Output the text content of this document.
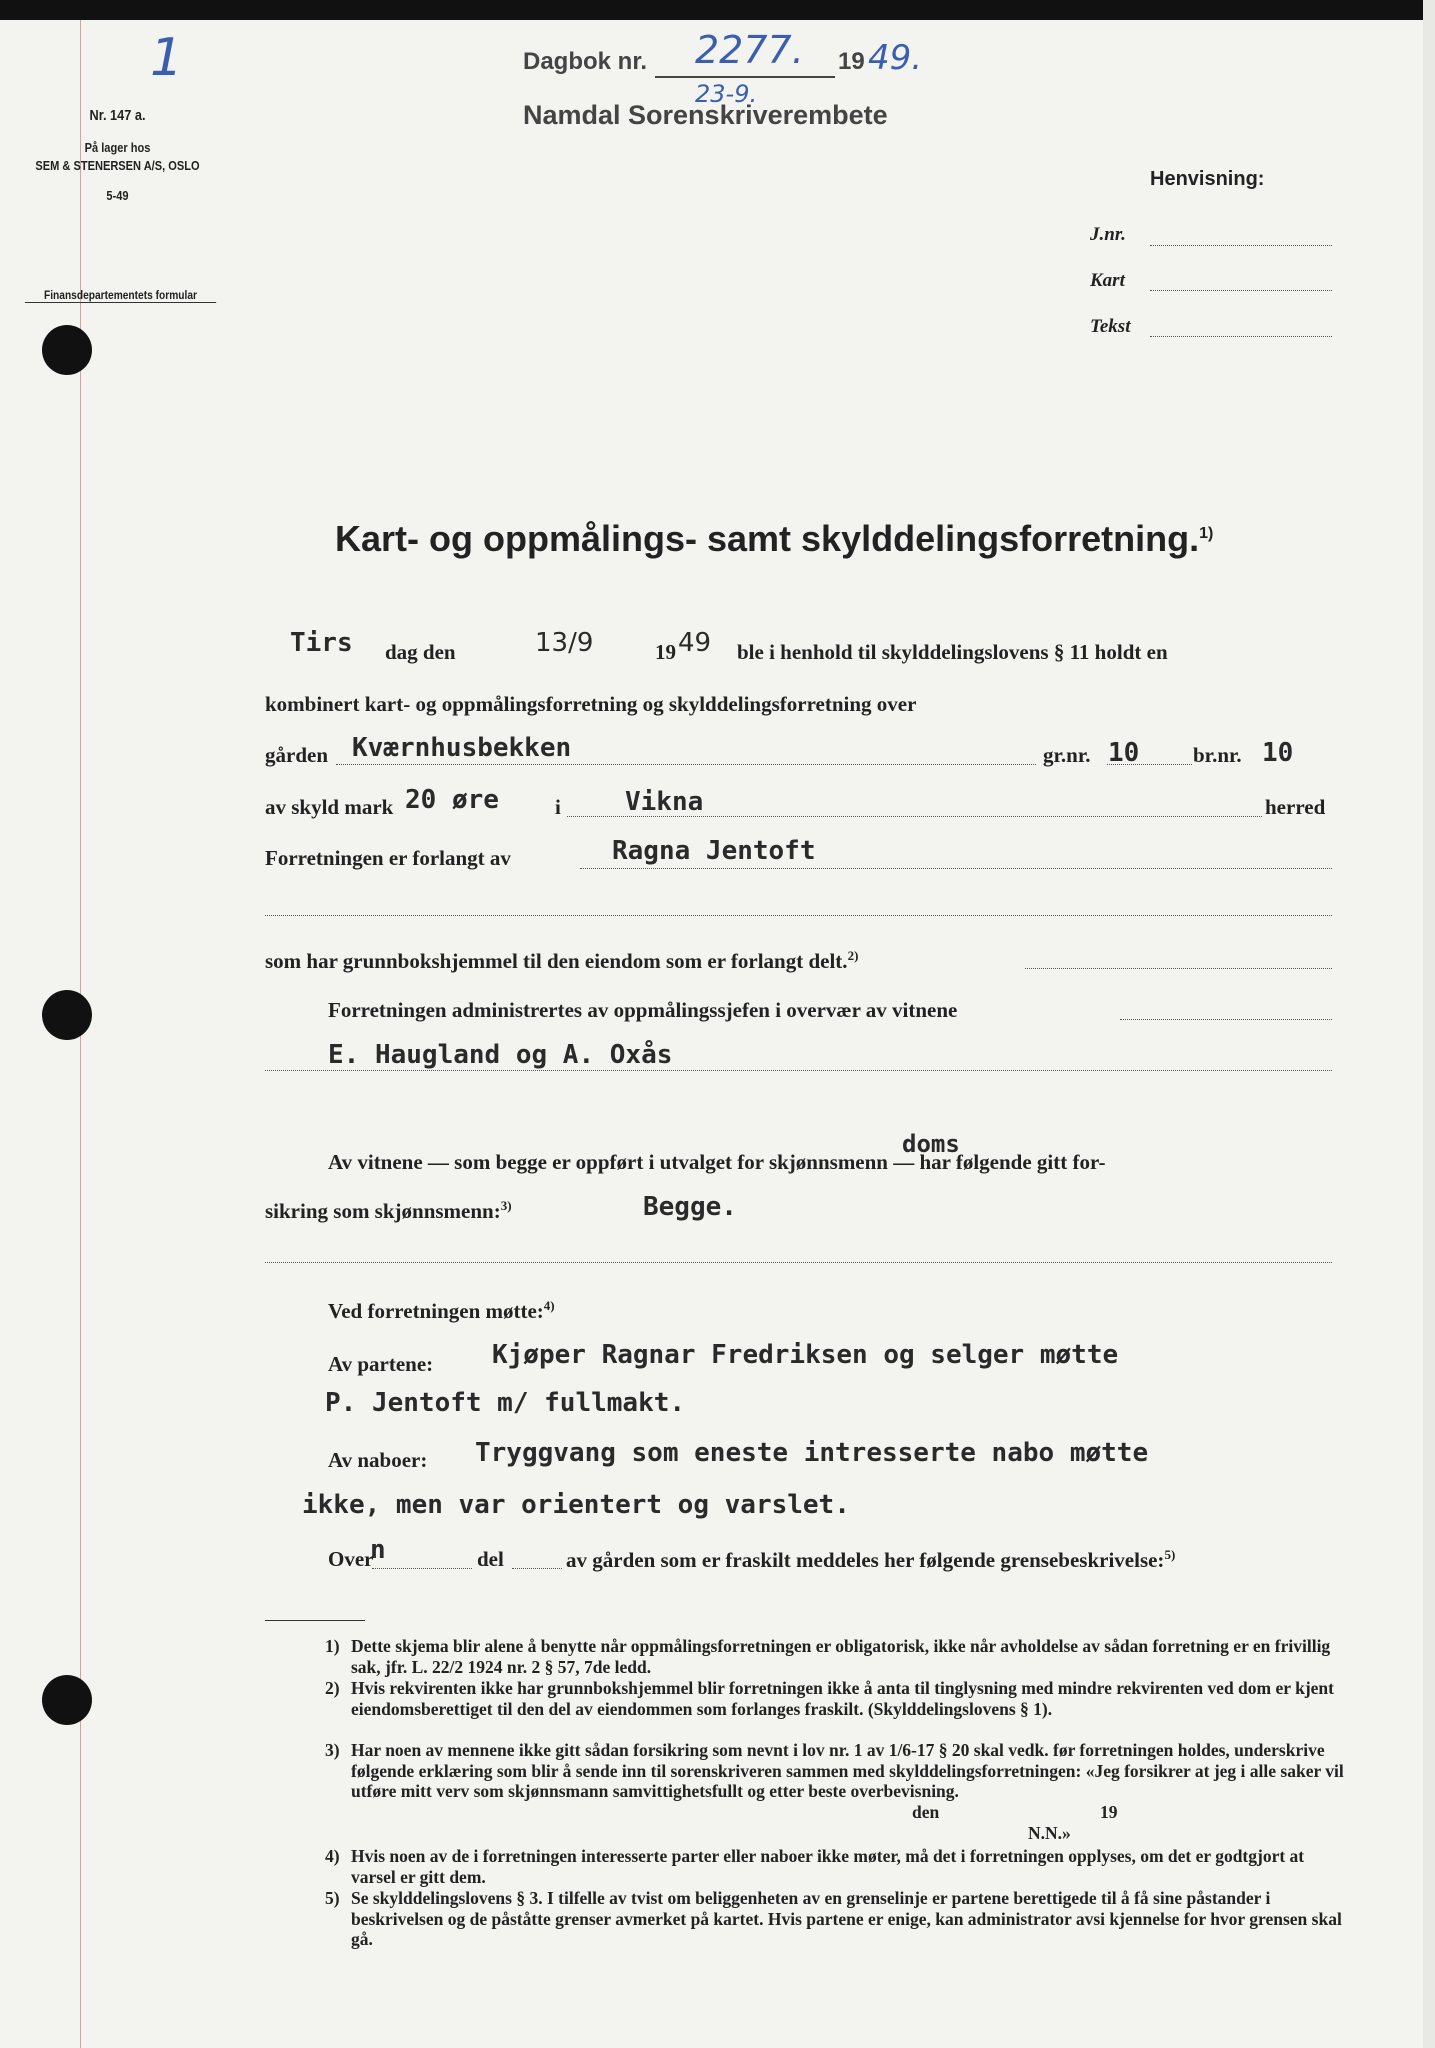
1
Nr. 147 a.
På lager hos
SEM & STENERSEN A/S, OSLO
5-49
Finansdepartementets formular
Dagbok nr. 2277. 19 49.
23-9.
Namdal Sorenskriverembete
Henvisning:
J.nr.
Kart
Tekst
Kart- og oppmålings- samt skylddelingsforretning.$^{1)}$
Tirs dag den	13/9	19 49 ble i henhold til skylddelingslovens § 11 holdt en
kombinert kart- og oppmålingsforretning og skylddelingsforretning over
gården Kværnhusbekken	gr.nr. 10	br.nr. 10
av skyld mark 20 øre	i Vikna	herred
Forretningen er forlangt av	Ragna Jentoft
som har grunnbokshjemmel til den eiendom som er forlangt delt.$^{2)}$
Forretningen administrertes av oppmålingssjefen i overvær av vitnene
E. Haugland og A. Oxås
doms
Av vitnene — som begge er oppført i utvalget for skjønnsmenn — har følgende gitt for-
sikring som skjønnsmenn:$^{3)}$	Begge.
Ved forretningen møtte:$^{4)}$
Av partene: Kjøper Ragnar Fredriksen og selger møtte
P. Jentoft m/ fullmakt.
Av naboer: Tryggvang som eneste intresserte nabo møtte
ikke, men var orientert og varslet.
Over
n	del	av gården som er fraskilt meddeles her følgende grensebeskrivelse:$^{5)}$
1) Dette skjema blir alene å benytte når oppmålingsforretningen er obligatorisk, ikke når avholdelse av sådan forretning er en frivillig sak, jfr. L. 22/2 1924 nr. 2 § 57, 7de ledd.
2) Hvis rekvirenten ikke har grunnbokshjemmel blir forretningen ikke å anta til tinglysning med mindre rekvirenten ved dom er kjent eiendomsberettiget til den del av eiendommen som forlanges fraskilt. (Skylddelingslovens § 1).
3) Har noen av mennene ikke gitt sådan forsikring som nevnt i lov nr. 1 av 1/6-17 § 20 skal vedk. før forretningen holdes, underskrive følgende erklæring som blir å sende inn til sorenskriveren sammen med skylddelingsforretningen: «Jeg forsikrer at jeg i alle saker vil utføre mitt verv som skjønnsmann samvittighetsfullt og etter beste overbevisning.
den	19
N.N.»
4) Hvis noen av de i forretningen interesserte parter eller naboer ikke møter, må det i forretningen opplyses, om det er godtgjort at varsel er gitt dem.
5) Se skylddelingslovens § 3. I tilfelle av tvist om beliggenheten av en grenselinje er partene berettigede til å få sine påstander i beskrivelsen og de påståtte grenser avmerket på kartet. Hvis partene er enige, kan administrator avsi kjennelse for hvor grensen skal gå.
